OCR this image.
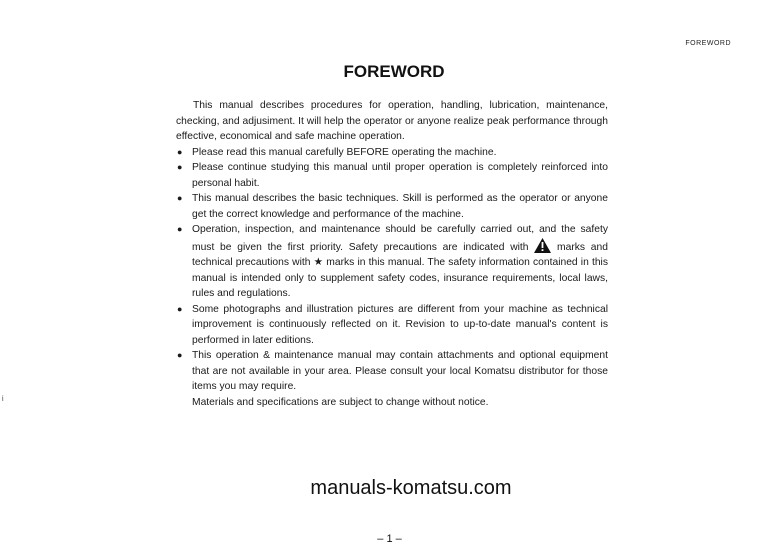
FOREWORD
FOREWORD

This manual describes procedures for operation, handling, lubrication, maintenance, checking, and adjusiment. It will help the operator or anyone realize peak performance through effective, economical and safe machine operation.

● Please read this manual carefully BEFORE operating the machine.
● Please continue studying this manual until proper operation is completely reinforced into personal habit.
● This manual describes the basic techniques. Skill is performed as the operator or anyone get the correct knowledge and performance of the machine.
● Operation, inspection, and maintenance should be carefully carried out, and the safety must be given the first priority. Safety precautions are indicated with	marks and technical precautions with ★ marks in this manual. The safety information contained in this manual is intended only to supplement safety codes, insurance requirements, local laws, rules and regulations.
● Some photographs and illustration pictures are different from your machine as technical improvement is continuously reflected on it. Revision to up-to-date manual's content is performed in later editions.
● This operation & maintenance manual may contain attachments and optional equipment that are not available in your area. Please consult your local Komatsu distributor for those items you may require.
Materials and specifications are subject to change without notice.
manuals-komatsu.com
– 1 –
ἱ
